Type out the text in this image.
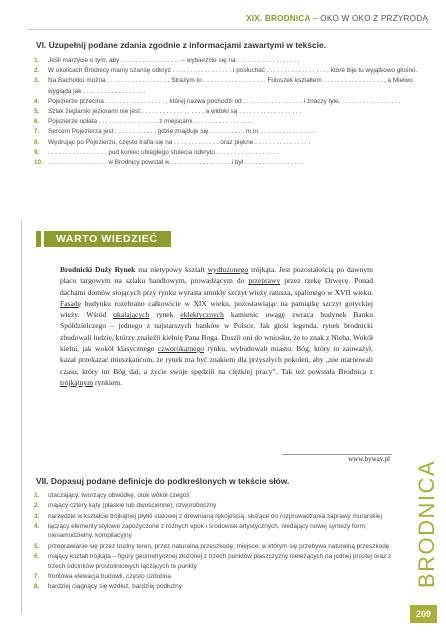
XIX. BRODNICA – OKO W OKO Z PRZYRODĄ
VI. Uzupełnij podane zdania zgodnie z informacjami zawartymi w tekście.
1. Jeśli marzycie o tym, aby . . . . . . . . . . . . . . . . . – wybierzcie się na . . . . . . . . . . . . . . . . . .
2. W okolicach Brodnicy mamy szansę odkryć . . . . . . . . . . . . . . . . . i posłuchać . . . . . . . . . . . . . . . . . , które bije tu wyjątkowo głośno.
3. Na Bachotku można . . . . . . . . . . . . . . . . . . Strażym to . . . . . . . . . . . . . . . . . . Foluszek kształtem . . . . . . . . . . . . . . . . . , a Mielwo wygląda jak . . . . . . . . . . . . . . . . . .
4. Pojezierze przecina . . . . . . . . . . . . . . . . . , której nazwa pochodzi od . . . . . . . . . . . . . . . . . i znaczy tyle, . . . . . . . . . . . . . . . . .
5. Szlak żeglarski jeziorami nie jest . . . . . . . . . . . . . . . . . , a widoki są . . . . . . . . . . . . . . . . . .
6. Pojezierze opłata . . . . . . . . . . . . . . . . . z miejscami . . . . . . . . . . . . . . . . .
7. Sercem Pojezierza jest . . . . . . . . . . . , gdzie znajduje się . . . . . . . . . . m.in. . . . . . . . . . . . . . . . .
8. Wędrując po Pojezierzu, często trafia się na . . . . . . . . . . . . . oraz piękne . . . . . . . . . . . . . . . .
9. . . . . . . . . . . . . . . . . . pod koniec ubiegłego stulecia odkryto . . . . . . . . . . . . . . . . . .
10. . . . . . . . . . . . . . . . . . w Brodnicy powstał w . . . . . . . . . . . . . . . . . i był . . . . . . . . . . . . . . . . .
WARTO WIEDZIEĆ
Brodnicki Duży Rynek ma nietypowy kształt wydłużonego trójkąta. Jest pozostałością po dawnym placu targowym na szlaku handlowym, prowadzącym do przeprawy przez rzekę Drwęcę. Ponad dachami domów stojących przy rynku wyrasta smukły szczyt wieży ratusza, spalonego w XVII wieku. Fasadę budynku rozebrano całkowicie w XIX wieku, pozostawiając na pamiątkę szczyt gotyckiej wieży. Wśród okalających rynek eklektycznych kamienic uwagę zwraca budynek Banku Spółdzielczego – jednego z najstarszych banków w Polsce. Jak głosi legenda, rynek brodnicki zbudowali ludzie, którzy znaleźli kielnię Pana Boga. Doszli oni do wniosku, że to znak z Nieba. Wokół kielni, jak wokół klasycznego czworokątnego rynku, wybudowali miasto. Bóg, który to zauważył, kazał przekazać mieszkańcom, że rynek ma być znakiem dla przyszłych pokoleń, aby „nie marnowali czasu, który im Bóg dał, a życie swoje spędzili na ciężkiej pracy”. Tak też powstała Brodnica z trójkątnym rynkiem.
www.byway.pl
VII. Dopasuj podane definicje do podkreślonych w tekście słów.
1. otaczający, tworzący obwódkę, otok wokół czegoś
2. mający cztery kąty (płaskie lub dwuścienne); czworoboczny
3. narzędzie w kształcie trójkątnej płytki stalowej z drewnianą rękojeścią, służące do rozprowadzania zaprawy murarskiej
4. łączący elementy stylowe zapożyczone z różnych epok i środowisk artystycznych, niedający nowej syntezy form; niesamodzielny, kompilacyjny
5. przeprawianie się przez trudny teren, przez naturalną przeszkodę; miejsce, w którym się przebywa naturalną przeszkodę
6. mający kształt trójkąta – figury geometrycznej złożonej z trzech punktów płaszczyzny nieleżących na jednej prostej oraz z trzech odcinków prostoliniowych łączących te punkty
7. frontowa elewacja budowli, często ozdobna
8. bardziej ciągnący się wzdłuż, bardziej podłużny	BRODNICA
209
